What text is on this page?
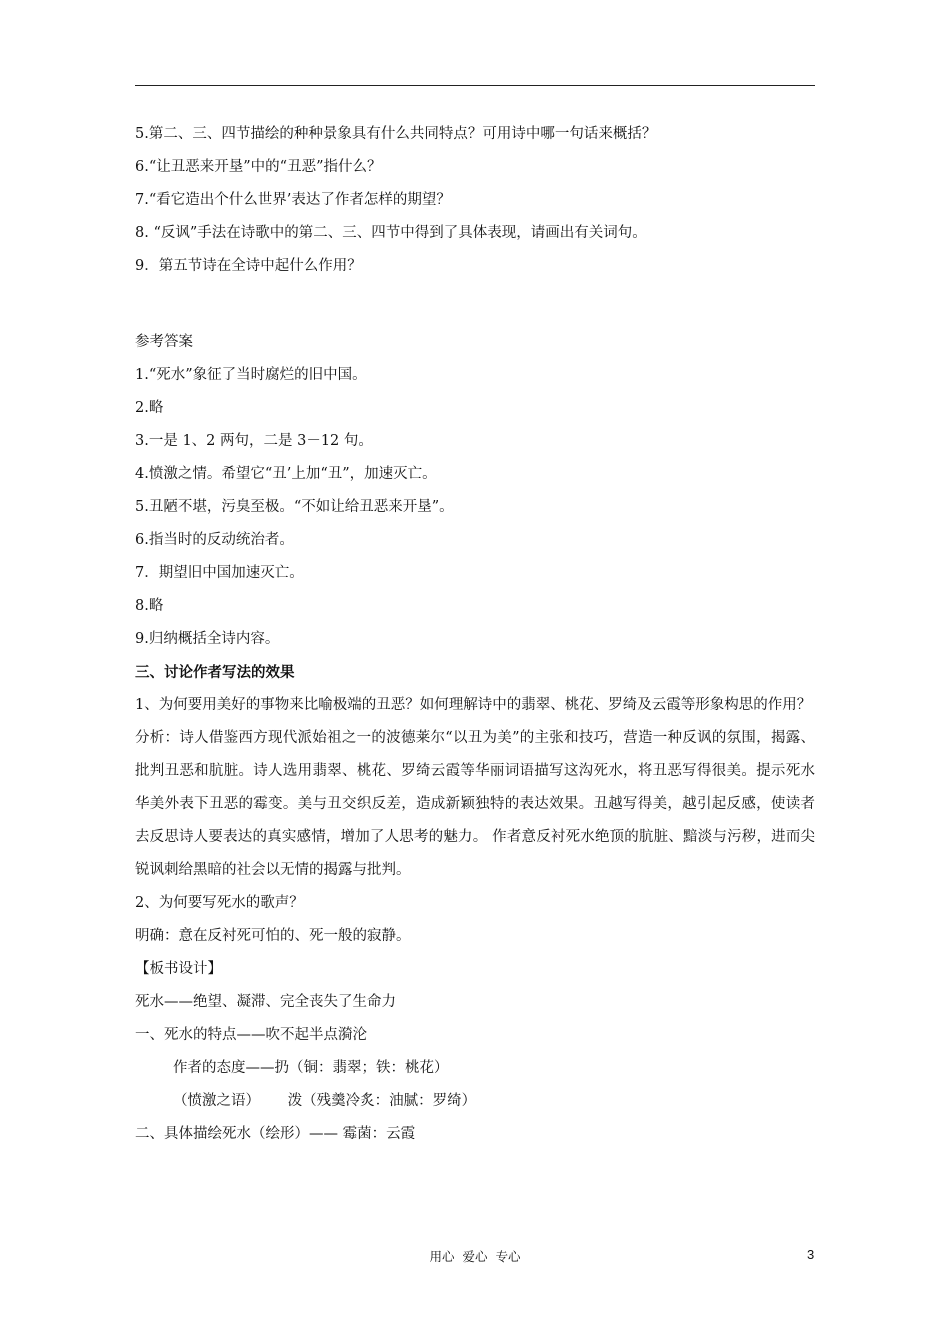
5.第二、三、四节描绘的种种景象具有什么共同特点？可用诗中哪一句话来概括？
6.“让丑恶来开垦”中的“丑恶”指什么？
7.“看它造出个什么世界’表达了作者怎样的期望？
8. “反讽”手法在诗歌中的第二、三、四节中得到了具体表现，请画出有关词句。
9．第五节诗在全诗中起什么作用？
参考答案
1.“死水”象征了当时腐烂的旧中国。
2.略
3.一是 1、2 两句，二是 3－12 句。
4.愤激之情。希望它“丑’上加“丑”，加速灭亡。
5.丑陋不堪，污臭至极。“不如让给丑恶来开垦”。
6.指当时的反动统治者。
7．期望旧中国加速灭亡。
8.略
9.归纳概括全诗内容。
三、讨论作者写法的效果
1、为何要用美好的事物来比喻极端的丑恶？如何理解诗中的翡翠、桃花、罗绮及云霞等形象构思的作用？
分析：诗人借鉴西方现代派始祖之一的波德莱尔“以丑为美”的主张和技巧，营造一种反讽的氛围，揭露、批判丑恶和肮脏。诗人选用翡翠、桃花、罗绮云霞等华丽词语描写这沟死水，将丑恶写得很美。提示死水华美外表下丑恶的霉变。美与丑交织反差，造成新颖独特的表达效果。丑越写得美，越引起反感，使读者去反思诗人要表达的真实感情，增加了人思考的魅力。 作者意反衬死水绝顶的肮脏、黯淡与污秽，进而尖锐讽刺给黑暗的社会以无情的揭露与批判。
2、为何要写死水的歌声？
明确：意在反衬死可怕的、死一般的寂静。
【板书设计】
死水——绝望、凝滞、完全丧失了生命力
一、死水的特点——吹不起半点漪沦
作者的态度——扔（铜：翡翠；铁：桃花）
（愤激之语）      泼（残羹冷炙：油腻：罗绮）
二、具体描绘死水（绘形）—— 霉菌：云霞
用心  爱心  专心	3
